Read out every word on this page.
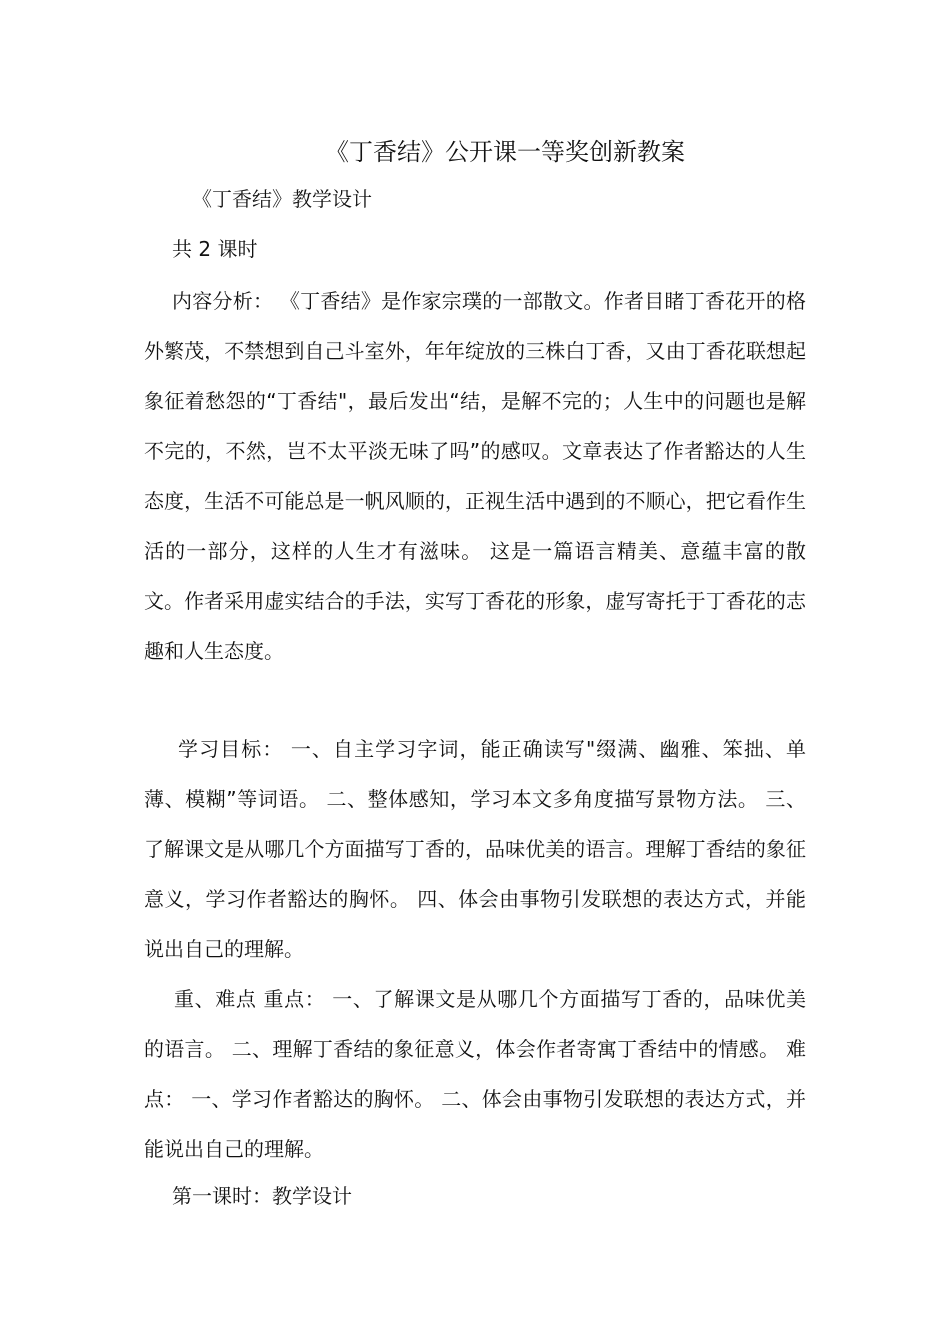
《丁香结》公开课一等奖创新教案
《丁香结》教学设计
共 2 课时
内容分析： 《丁香结》是作家宗璞的一部散文。作者目睹丁香花开的格外繁茂，不禁想到自己斗室外，年年绽放的三株白丁香，又由丁香花联想起象征着愁怨的“丁香结"，最后发出“结，是解不完的；人生中的问题也是解不完的，不然，岂不太平淡无味了吗”的感叹。文章表达了作者豁达的人生态度，生活不可能总是一帆风顺的，正视生活中遇到的不顺心，把它看作生活的一部分，这样的人生才有滋味。 这是一篇语言精美、意蕴丰富的散文。作者采用虚实结合的手法，实写丁香花的形象，虚写寄托于丁香花的志趣和人生态度。
学习目标： 一、自主学习字词，能正确读写"缀满、幽雅、笨拙、单薄、模糊”等词语。 二、整体感知，学习本文多角度描写景物方法。 三、了解课文是从哪几个方面描写丁香的，品味优美的语言。理解丁香结的象征意义，学习作者豁达的胸怀。 四、体会由事物引发联想的表达方式，并能说出自己的理解。
重、难点 重点： 一、了解课文是从哪几个方面描写丁香的，品味优美的语言。 二、理解丁香结的象征意义，体会作者寄寓丁香结中的情感。 难点： 一、学习作者豁达的胸怀。 二、体会由事物引发联想的表达方式，并能说出自己的理解。
第一课时：教学设计
